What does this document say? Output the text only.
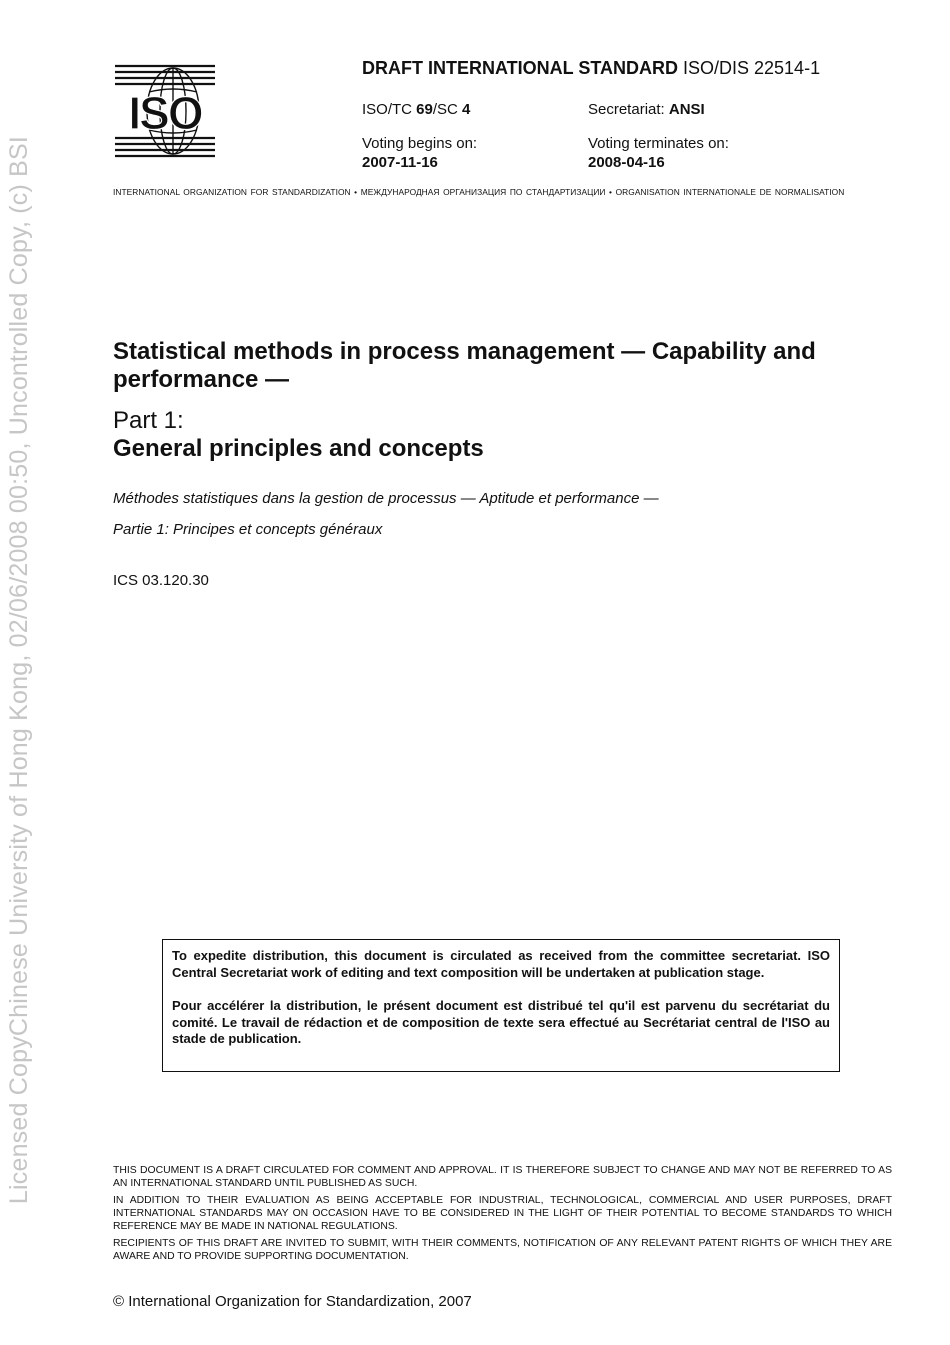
Licensed CopyChinese University of Hong Kong, 02/06/2008 00:50, Uncontrolled Copy, (c) BSI
ISO
DRAFT INTERNATIONAL STANDARD ISO/DIS 22514-1
ISO/TC 69/SC 4	Secretariat: ANSI
Voting begins on:
2007-11-16
Voting terminates on:
2008-04-16
INTERNATIONAL ORGANIZATION FOR STANDARDIZATION • МЕЖДУНАРОДНАЯ ОРГАНИЗАЦИЯ ПО СТАНДАРТИЗАЦИИ • ORGANISATION INTERNATIONALE DE NORMALISATION
Statistical methods in process management — Capability and performance —
Part 1:
General principles and concepts
Méthodes statistiques dans la gestion de processus — Aptitude et performance —
Partie 1: Principes et concepts généraux
ICS 03.120.30

To expedite distribution, this document is circulated as received from the committee secretariat. ISO Central Secretariat work of editing and text composition will be undertaken at publication stage.

Pour accélérer la distribution, le présent document est distribué tel qu'il est parvenu du secrétariat du comité. Le travail de rédaction et de composition de texte sera effectué au Secrétariat central de l'ISO au stade de publication.

THIS DOCUMENT IS A DRAFT CIRCULATED FOR COMMENT AND APPROVAL. IT IS THEREFORE SUBJECT TO CHANGE AND MAY NOT BE REFERRED TO AS AN INTERNATIONAL STANDARD UNTIL PUBLISHED AS SUCH.

IN ADDITION TO THEIR EVALUATION AS BEING ACCEPTABLE FOR INDUSTRIAL, TECHNOLOGICAL, COMMERCIAL AND USER PURPOSES, DRAFT INTERNATIONAL STANDARDS MAY ON OCCASION HAVE TO BE CONSIDERED IN THE LIGHT OF THEIR POTENTIAL TO BECOME STANDARDS TO WHICH REFERENCE MAY BE MADE IN NATIONAL REGULATIONS.

RECIPIENTS OF THIS DRAFT ARE INVITED TO SUBMIT, WITH THEIR COMMENTS, NOTIFICATION OF ANY RELEVANT PATENT RIGHTS OF WHICH THEY ARE AWARE AND TO PROVIDE SUPPORTING DOCUMENTATION.

© International Organization for Standardization, 2007
